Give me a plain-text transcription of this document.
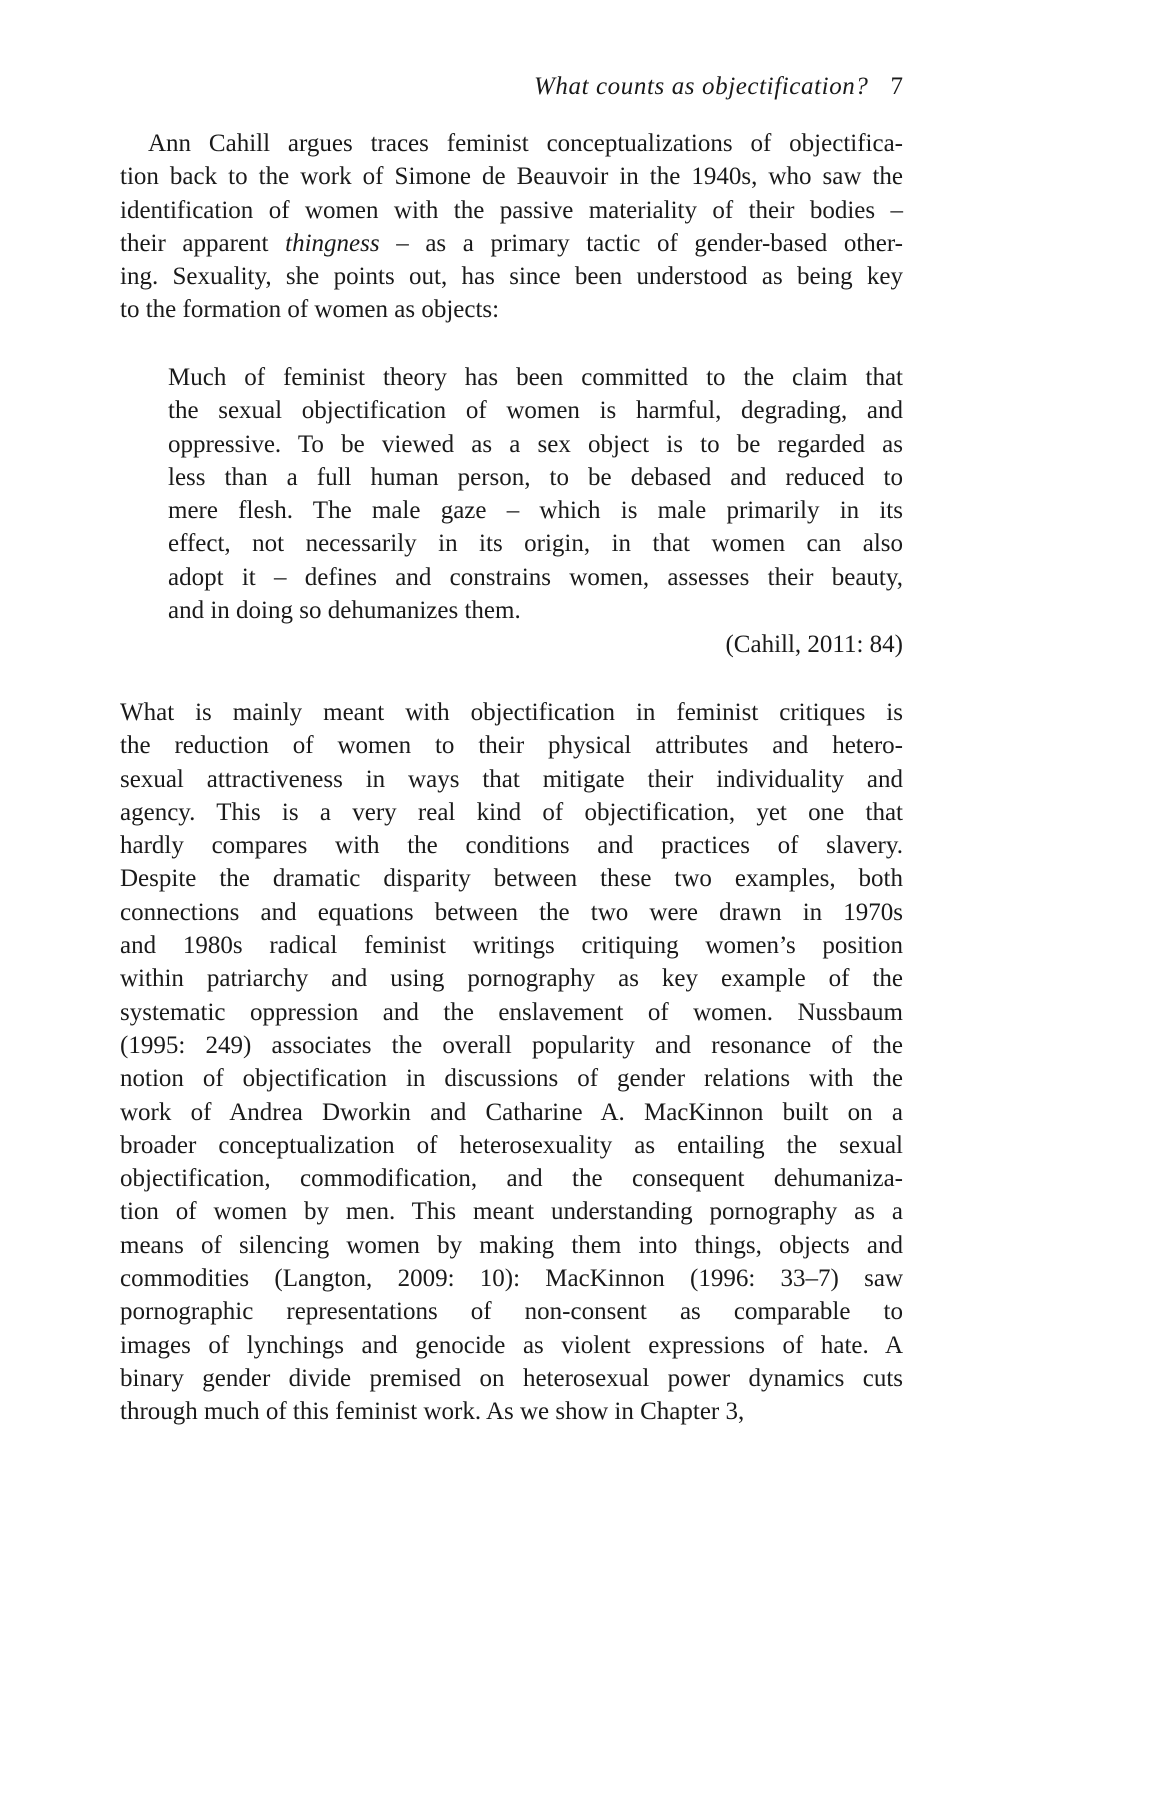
What counts as objectification? 7
Ann Cahill argues traces feminist conceptualizations of objectifica-
tion back to the work of Simone de Beauvoir in the 1940s, who saw the
identification of women with the passive materiality of their bodies –
their apparent thingness – as a primary tactic of gender-based other-
ing. Sexuality, she points out, has since been understood as being key
to the formation of women as objects:
Much of feminist theory has been committed to the claim that
the sexual objectification of women is harmful, degrading, and
oppressive. To be viewed as a sex object is to be regarded as
less than a full human person, to be debased and reduced to
mere flesh. The male gaze – which is male primarily in its
effect, not necessarily in its origin, in that women can also
adopt it – defines and constrains women, assesses their beauty,
and in doing so dehumanizes them.
(Cahill, 2011: 84)
What is mainly meant with objectification in feminist critiques is
the reduction of women to their physical attributes and hetero-
sexual attractiveness in ways that mitigate their individuality and
agency. This is a very real kind of objectification, yet one that
hardly compares with the conditions and practices of slavery.
Despite the dramatic disparity between these two examples, both
connections and equations between the two were drawn in 1970s
and 1980s radical feminist writings critiquing women’s position
within patriarchy and using pornography as key example of the
systematic oppression and the enslavement of women. Nussbaum
(1995: 249) associates the overall popularity and resonance of the
notion of objectification in discussions of gender relations with the
work of Andrea Dworkin and Catharine A. MacKinnon built on a
broader conceptualization of heterosexuality as entailing the sexual
objectification, commodification, and the consequent dehumaniza-
tion of women by men. This meant understanding pornography as a
means of silencing women by making them into things, objects and
commodities (Langton, 2009: 10): MacKinnon (1996: 33–7) saw
pornographic representations of non-consent as comparable to
images of lynchings and genocide as violent expressions of hate. A
binary gender divide premised on heterosexual power dynamics cuts
through much of this feminist work. As we show in Chapter 3,
